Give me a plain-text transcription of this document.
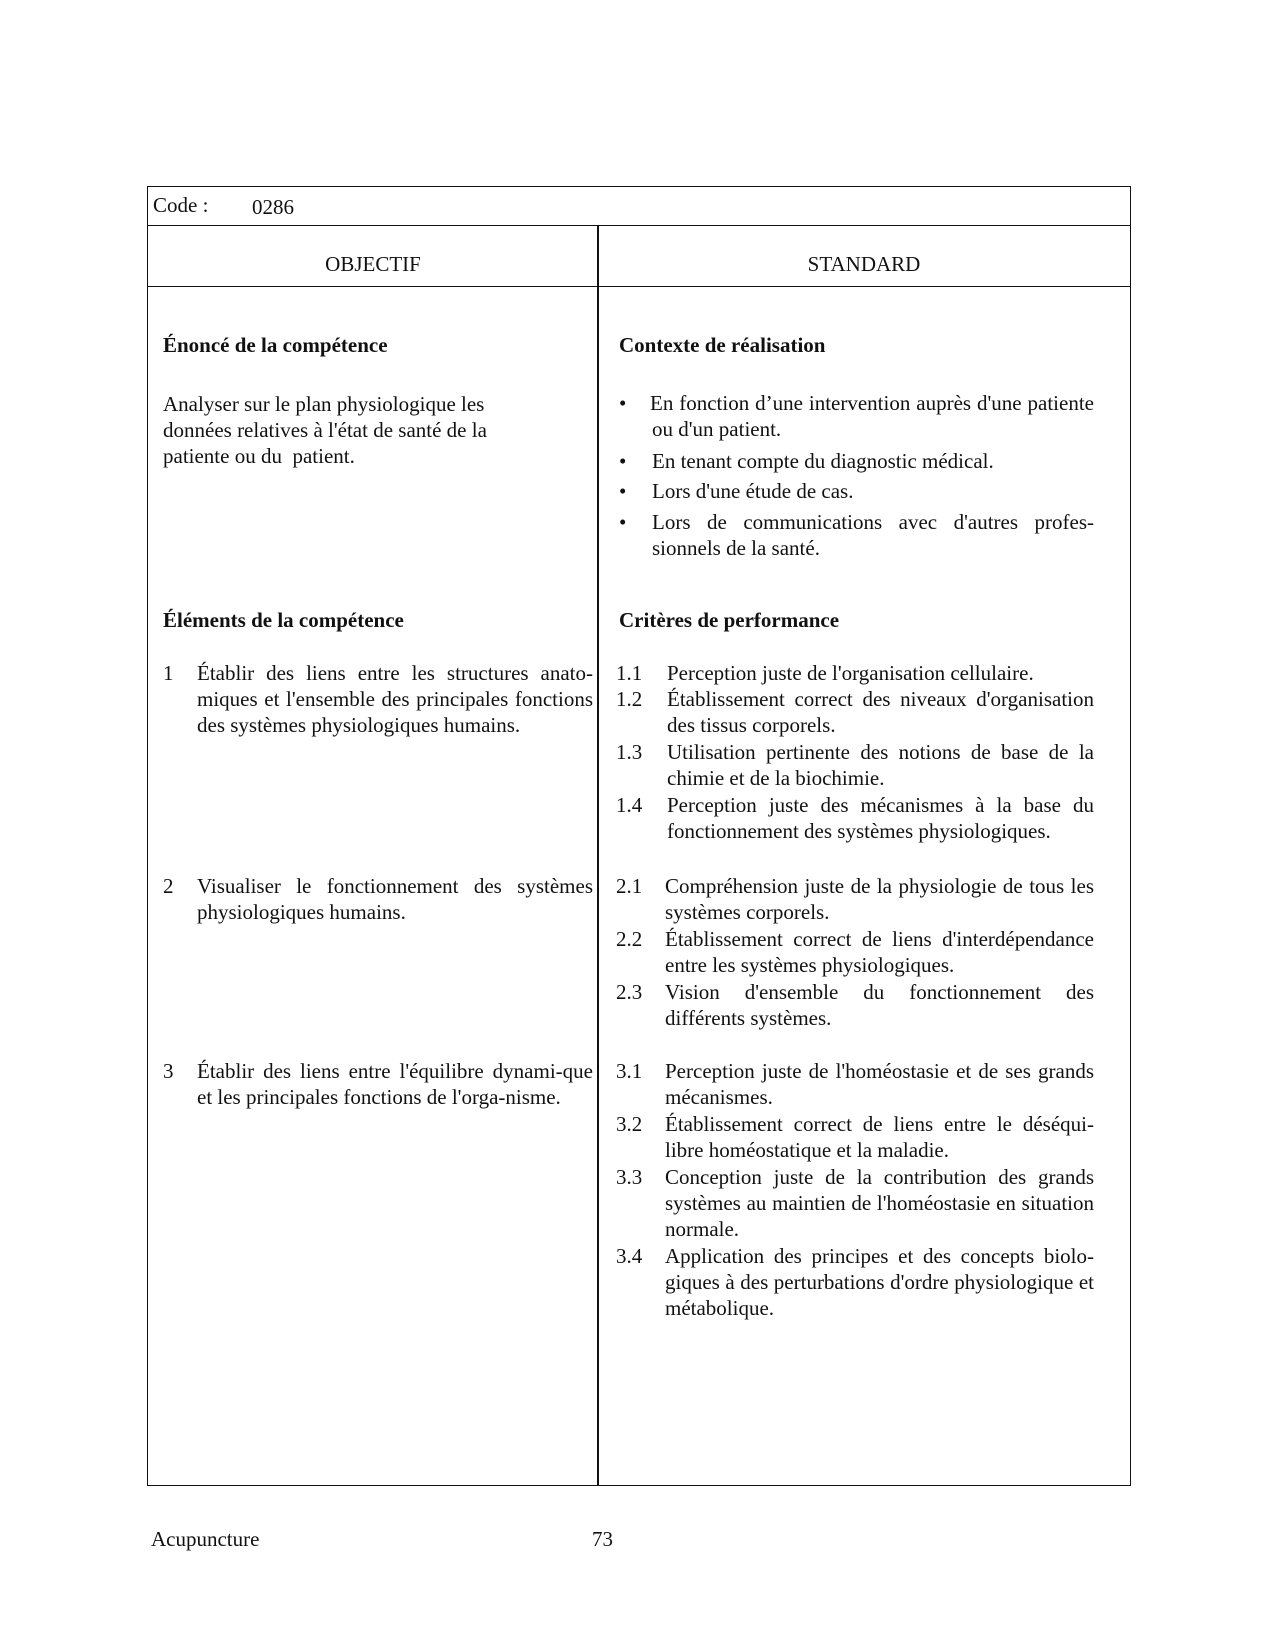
Code : 0286
OBJECTIF	STANDARD
Énoncé de la compétence
Analyser sur le plan physiologique les
données relatives à l'état de santé de la
patiente ou du  patient.
Éléments de la compétence
1 Établir des liens entre les structures anato-miques et l'ensemble des principales fonctions des systèmes physiologiques humains.
2 Visualiser le fonctionnement des systèmes physiologiques humains.
3 Établir des liens entre l'équilibre dynami-que et les principales fonctions de l'orga-nisme.
Contexte de réalisation
• En fonction d’une intervention auprès d'une patiente ou d'un patient.
• En tenant compte du diagnostic médical.
• Lors d'une étude de cas.
• Lors de communications avec d'autres profes-sionnels de la santé.
Critères de performance
1.1 Perception juste de l'organisation cellulaire.
1.2 Établissement correct des niveaux d'organisation des tissus corporels.
1.3 Utilisation pertinente des notions de base de la chimie et de la biochimie.
1.4 Perception juste des mécanismes à la base du fonctionnement des systèmes physiologiques.
2.1 Compréhension juste de la physiologie de tous les systèmes corporels.
2.2 Établissement correct de liens d'interdépendance entre les systèmes physiologiques.
2.3 Vision d'ensemble du fonctionnement des différents systèmes.
3.1 Perception juste de l'homéostasie et de ses grands mécanismes.
3.2 Établissement correct de liens entre le déséqui-libre homéostatique et la maladie.
3.3 Conception juste de la contribution des grands systèmes au maintien de l'homéostasie en situation normale.
3.4 Application des principes et des concepts biolo-giques à des perturbations d'ordre physiologique et métabolique.
Acupuncture	73
